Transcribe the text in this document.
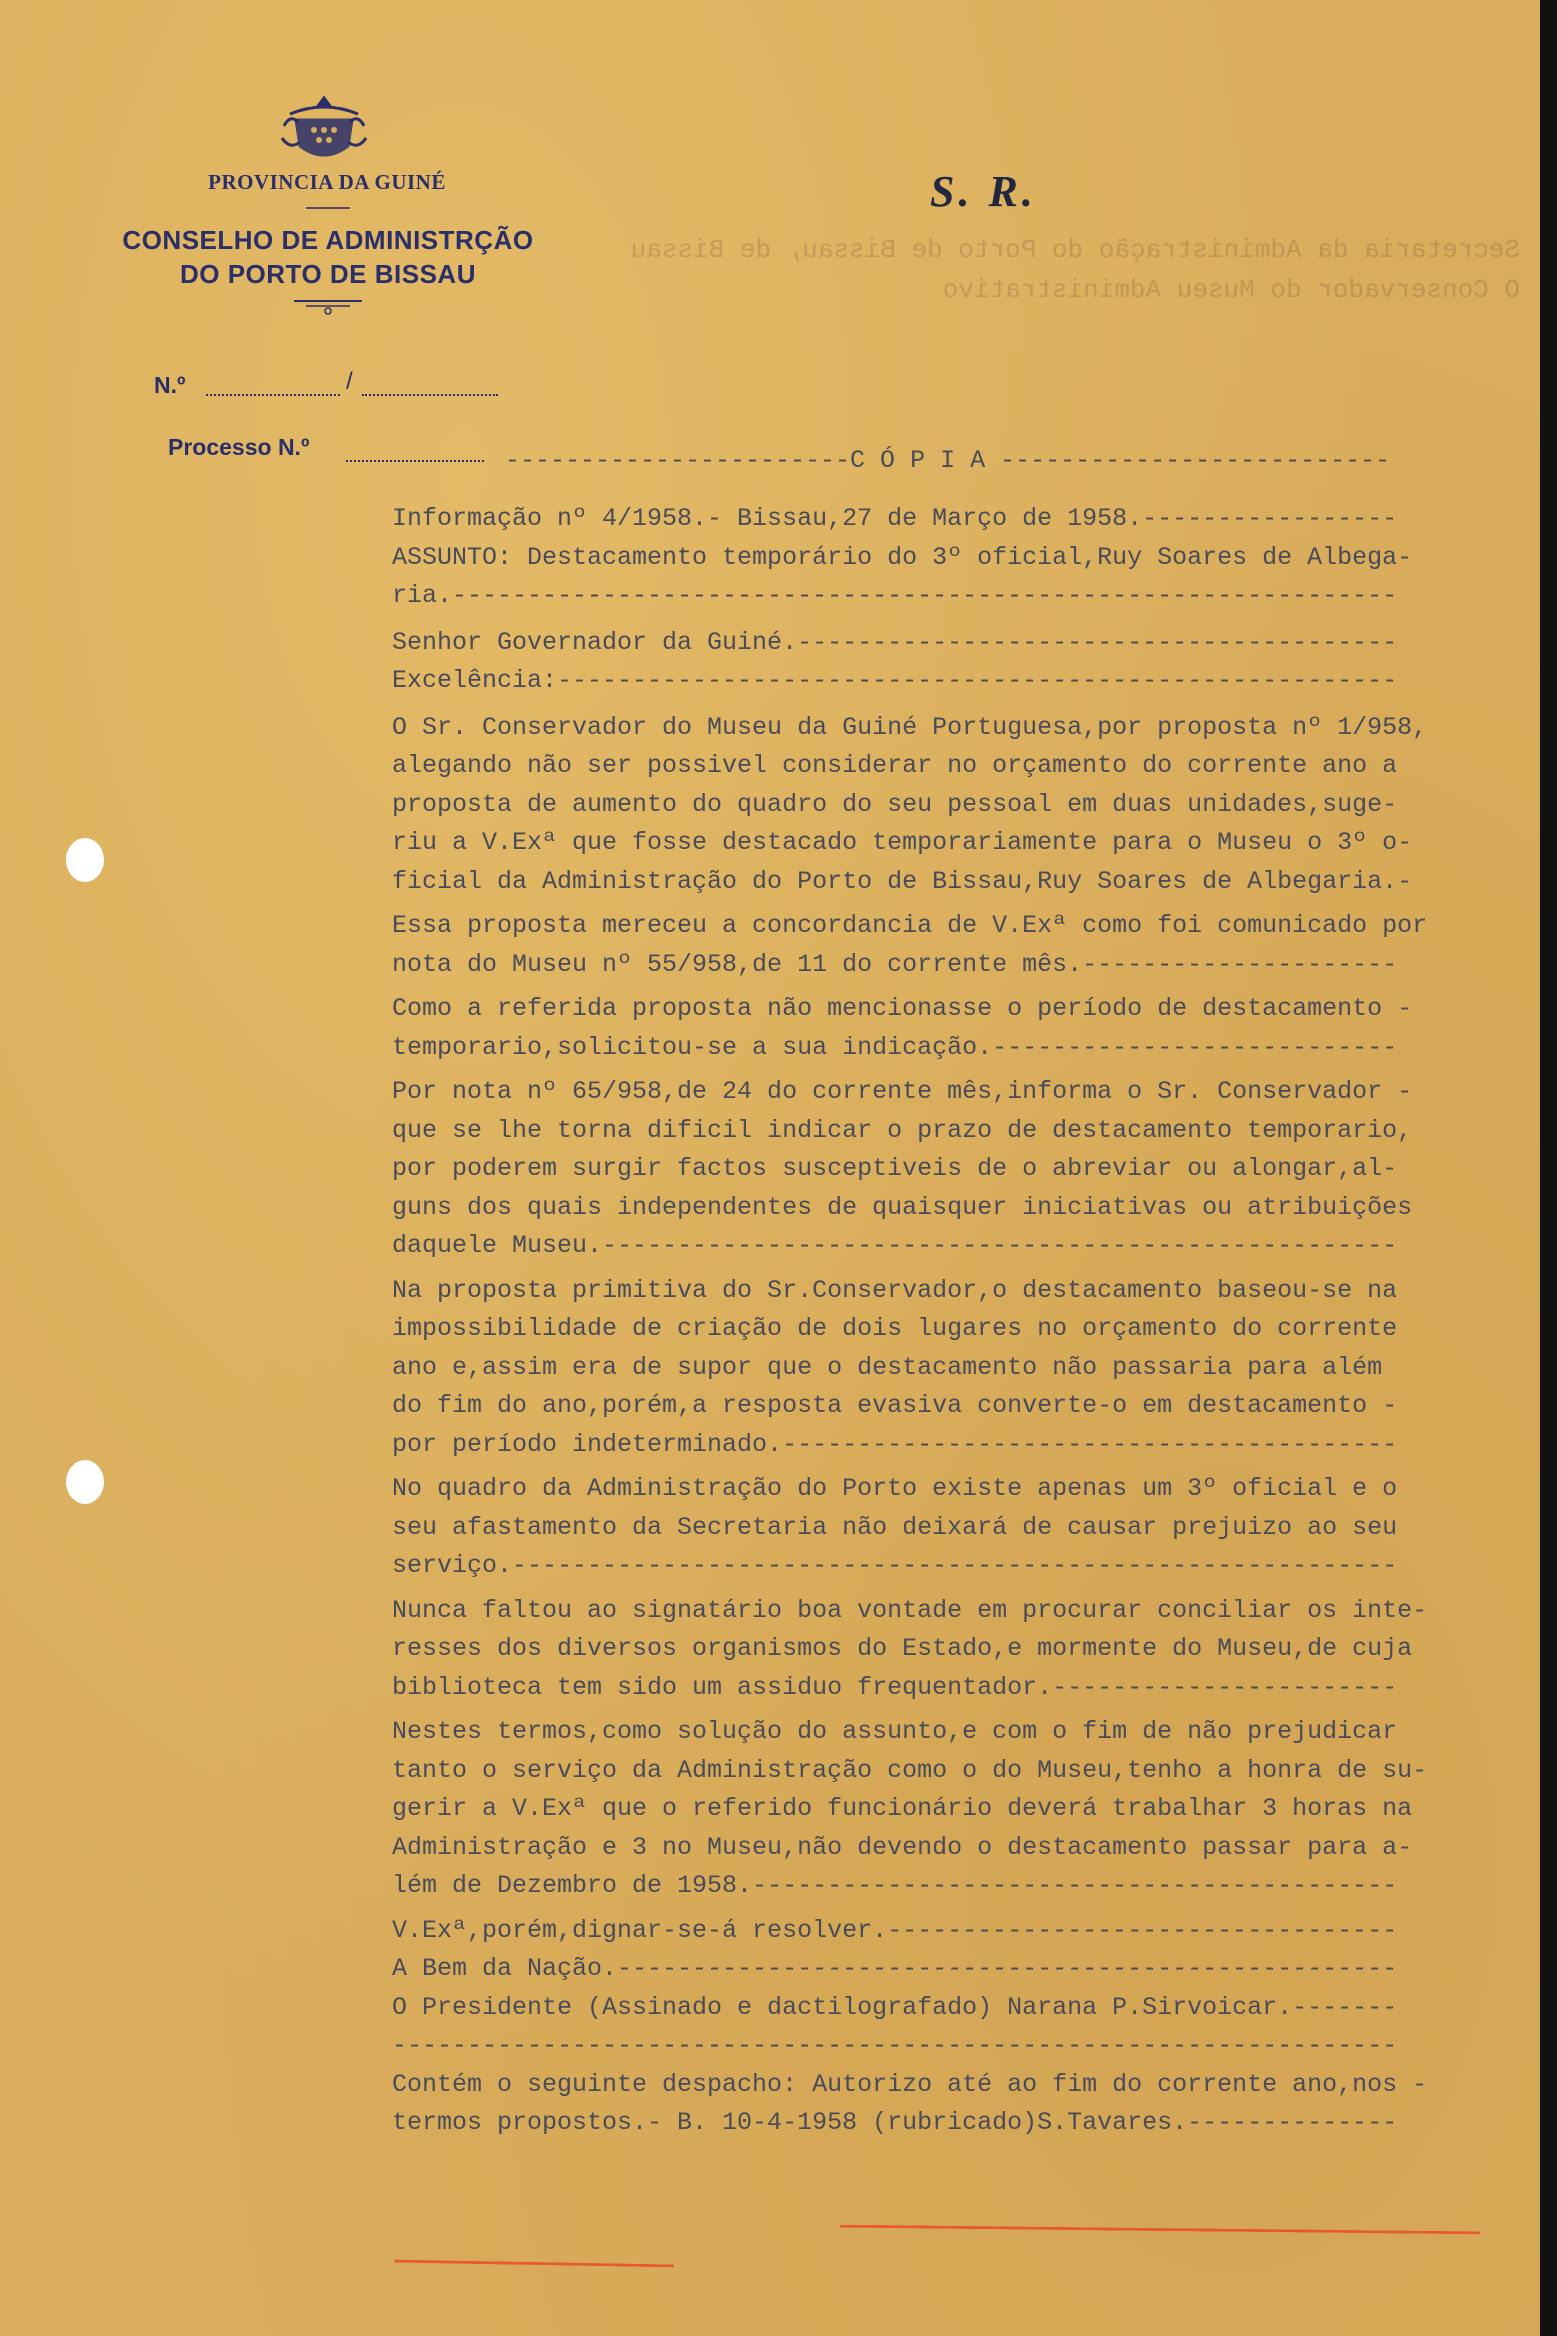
PROVINCIA DA GUINÉ
CONSELHO DE ADMINISTRÇÃO
DO PORTO DE BISSAU
N.º	/
Processo N.º
S. R.
Secretaria da Administração do Porto de Bissau, de Bissau
O Conservador do Museu Administrativo
-----------------------C Ó P I A --------------------------
Informação nº 4/1958.- Bissau,27 de Março de 1958.-----------------
ASSUNTO: Destacamento temporário do 3º oficial,Ruy Soares de Albega-
ria.---------------------------------------------------------------
Senhor Governador da Guiné.----------------------------------------
Excelência:--------------------------------------------------------
O Sr. Conservador do Museu da Guiné Portuguesa,por proposta nº 1/958,
alegando não ser possivel considerar no orçamento do corrente ano a
proposta de aumento do quadro do seu pessoal em duas unidades,suge-
riu a V.Exª que fosse destacado temporariamente para o Museu o 3º o-
ficial da Administração do Porto de Bissau,Ruy Soares de Albegaria.-
Essa proposta mereceu a concordancia de V.Exª como foi comunicado por
nota do Museu nº 55/958,de 11 do corrente mês.---------------------
Como a referida proposta não mencionasse o período de destacamento -
temporario,solicitou-se a sua indicação.---------------------------
Por nota nº 65/958,de 24 do corrente mês,informa o Sr. Conservador -
que se lhe torna dificil indicar o prazo de destacamento temporario,
por poderem surgir factos susceptiveis de o abreviar ou alongar,al-
guns dos quais independentes de quaisquer iniciativas ou atribuições
daquele Museu.-----------------------------------------------------
Na proposta primitiva do Sr.Conservador,o destacamento baseou-se na
impossibilidade de criação de dois lugares no orçamento do corrente
ano e,assim era de supor que o destacamento não passaria para além
do fim do ano,porém,a resposta evasiva converte-o em destacamento -
por período indeterminado.-----------------------------------------
No quadro da Administração do Porto existe apenas um 3º oficial e o
seu afastamento da Secretaria não deixará de causar prejuizo ao seu
serviço.-----------------------------------------------------------
Nunca faltou ao signatário boa vontade em procurar conciliar os inte-
resses dos diversos organismos do Estado,e mormente do Museu,de cuja
biblioteca tem sido um assiduo frequentador.-----------------------
Nestes termos,como solução do assunto,e com o fim de não prejudicar
tanto o serviço da Administração como o do Museu,tenho a honra de su-
gerir a V.Exª que o referido funcionário deverá trabalhar 3 horas na
Administração e 3 no Museu,não devendo o destacamento passar para a-
lém de Dezembro de 1958.-------------------------------------------
V.Exª,porém,dignar-se-á resolver.----------------------------------
A Bem da Nação.----------------------------------------------------
O Presidente (Assinado e dactilografado) Narana P.Sirvoicar.-------
-------------------------------------------------------------------
Contém o seguinte despacho: Autorizo até ao fim do corrente ano,nos -
termos propostos.- B. 10-4-1958 (rubricado)S.Tavares.--------------
